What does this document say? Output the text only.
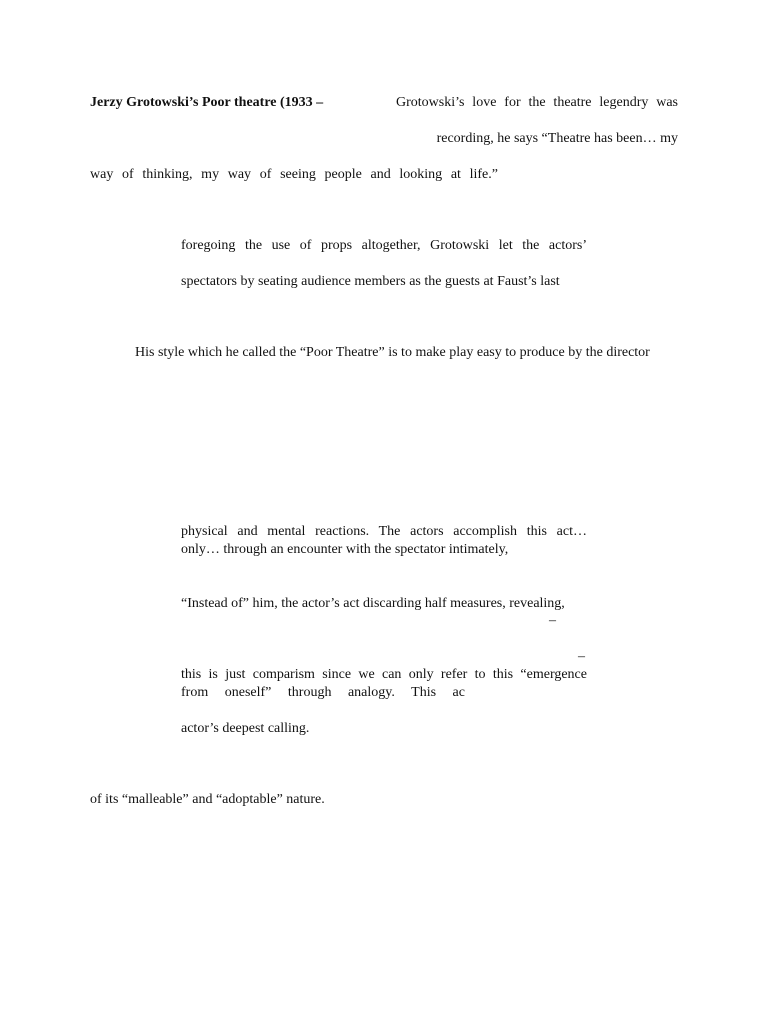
Jerzy Grotowski’s Poor theatre (1933 –	Grotowski’s love for the theatre legendry was
recording, he says “Theatre has been… my
way of thinking, my way of seeing people and looking at life.”
foregoing the use of props altogether, Grotowski let the actors’
spectators by seating audience members as the guests at Faust’s last
His style which he called the “Poor Theatre” is to make play easy to produce by the director
physical and mental reactions. The actors accomplish this act…
only… through an encounter with the spectator intimately,
“Instead of” him, the actor’s act discarding half measures, revealing,
–
–
this is just comparism since we can only refer to this “emergence
from oneself” through analogy. This ac
actor’s deepest calling.
of its “malleable” and “adoptable” nature.
